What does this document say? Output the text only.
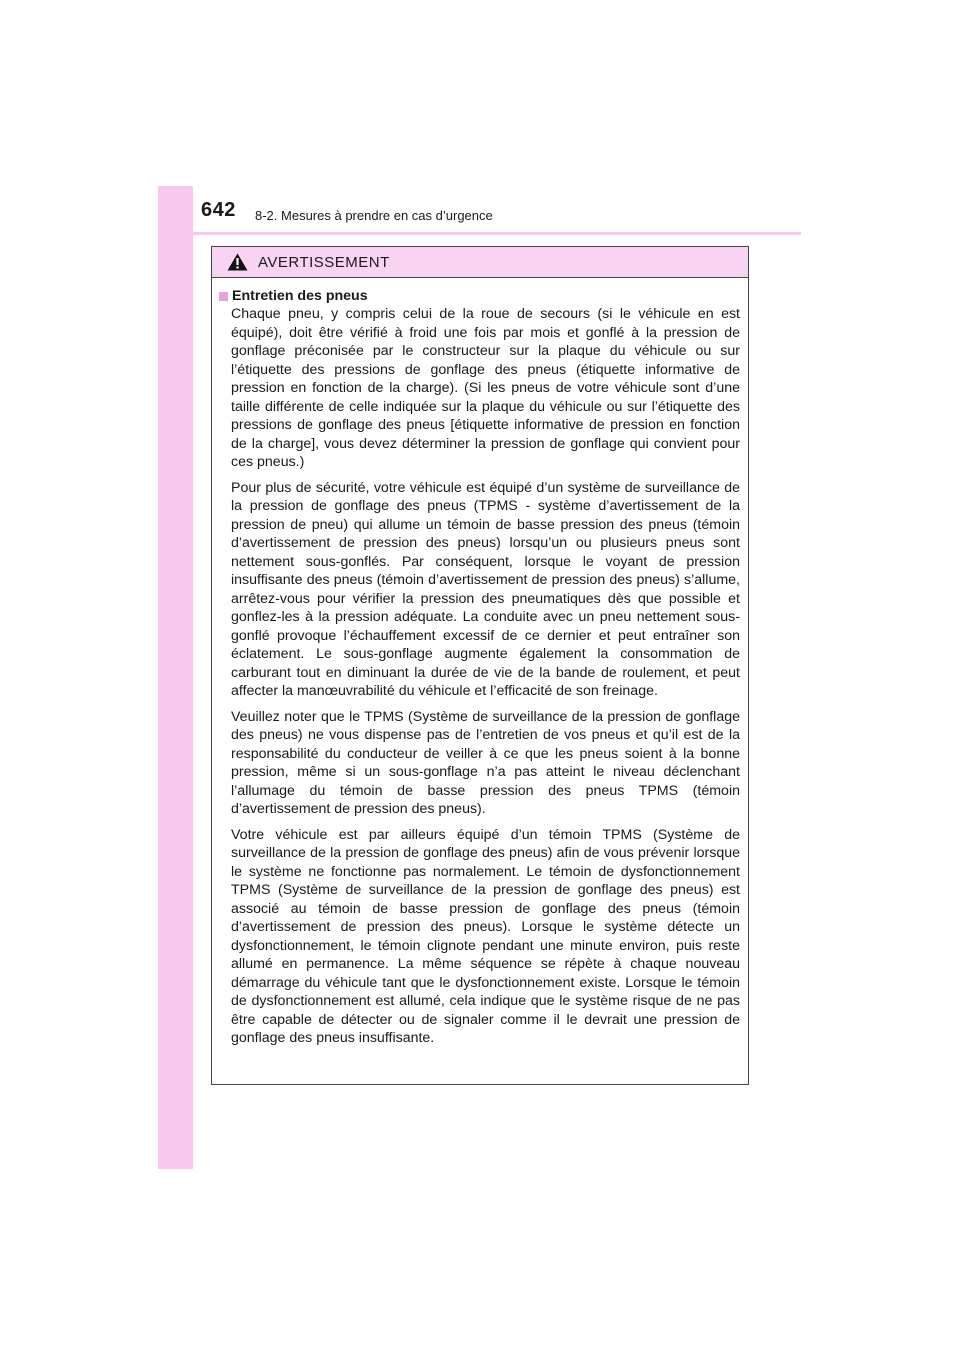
642 8-2. Mesures à prendre en cas d’urgence
AVERTISSEMENT
Entretien des pneus

Chaque pneu, y compris celui de la roue de secours (si le véhicule en est équipé), doit être vérifié à froid une fois par mois et gonflé à la pression de gonflage préconisée par le constructeur sur la plaque du véhicule ou sur l’étiquette des pressions de gonflage des pneus (étiquette informative de pression en fonction de la charge). (Si les pneus de votre véhicule sont d’une taille différente de celle indiquée sur la plaque du véhicule ou sur l’étiquette des pressions de gonflage des pneus [étiquette informative de pression en fonction de la charge], vous devez déterminer la pression de gonflage qui convient pour ces pneus.)

Pour plus de sécurité, votre véhicule est équipé d’un système de surveillance de la pression de gonflage des pneus (TPMS - système d’avertissement de la pression de pneu) qui allume un témoin de basse pression des pneus (témoin d’avertissement de pression des pneus) lorsqu’un ou plusieurs pneus sont nettement sous-gonflés. Par conséquent, lorsque le voyant de pression insuffisante des pneus (témoin d’avertissement de pression des pneus) s’allume, arrêtez-vous pour vérifier la pression des pneumatiques dès que possible et gonflez-les à la pression adéquate. La conduite avec un pneu nettement sous-gonflé provoque l’échauffement excessif de ce dernier et peut entraîner son éclatement. Le sous-gonflage augmente également la consommation de carburant tout en diminuant la durée de vie de la bande de roulement, et peut affecter la manœuvrabilité du véhicule et l’efficacité de son freinage.

Veuillez noter que le TPMS (Système de surveillance de la pression de gonflage des pneus) ne vous dispense pas de l’entretien de vos pneus et qu’il est de la responsabilité du conducteur de veiller à ce que les pneus soient à la bonne pression, même si un sous-gonflage n’a pas atteint le niveau déclenchant l’allumage du témoin de basse pression des pneus TPMS (témoin d’avertissement de pression des pneus).

Votre véhicule est par ailleurs équipé d’un témoin TPMS (Système de surveillance de la pression de gonflage des pneus) afin de vous prévenir lorsque le système ne fonctionne pas normalement. Le témoin de dysfonctionnement TPMS (Système de surveillance de la pression de gonflage des pneus) est associé au témoin de basse pression de gonflage des pneus (témoin d’avertissement de pression des pneus). Lorsque le système détecte un dysfonctionnement, le témoin clignote pendant une minute environ, puis reste allumé en permanence. La même séquence se répète à chaque nouveau démarrage du véhicule tant que le dysfonctionnement existe. Lorsque le témoin de dysfonctionnement est allumé, cela indique que le système risque de ne pas être capable de détecter ou de signaler comme il le devrait une pression de gonflage des pneus insuffisante.
